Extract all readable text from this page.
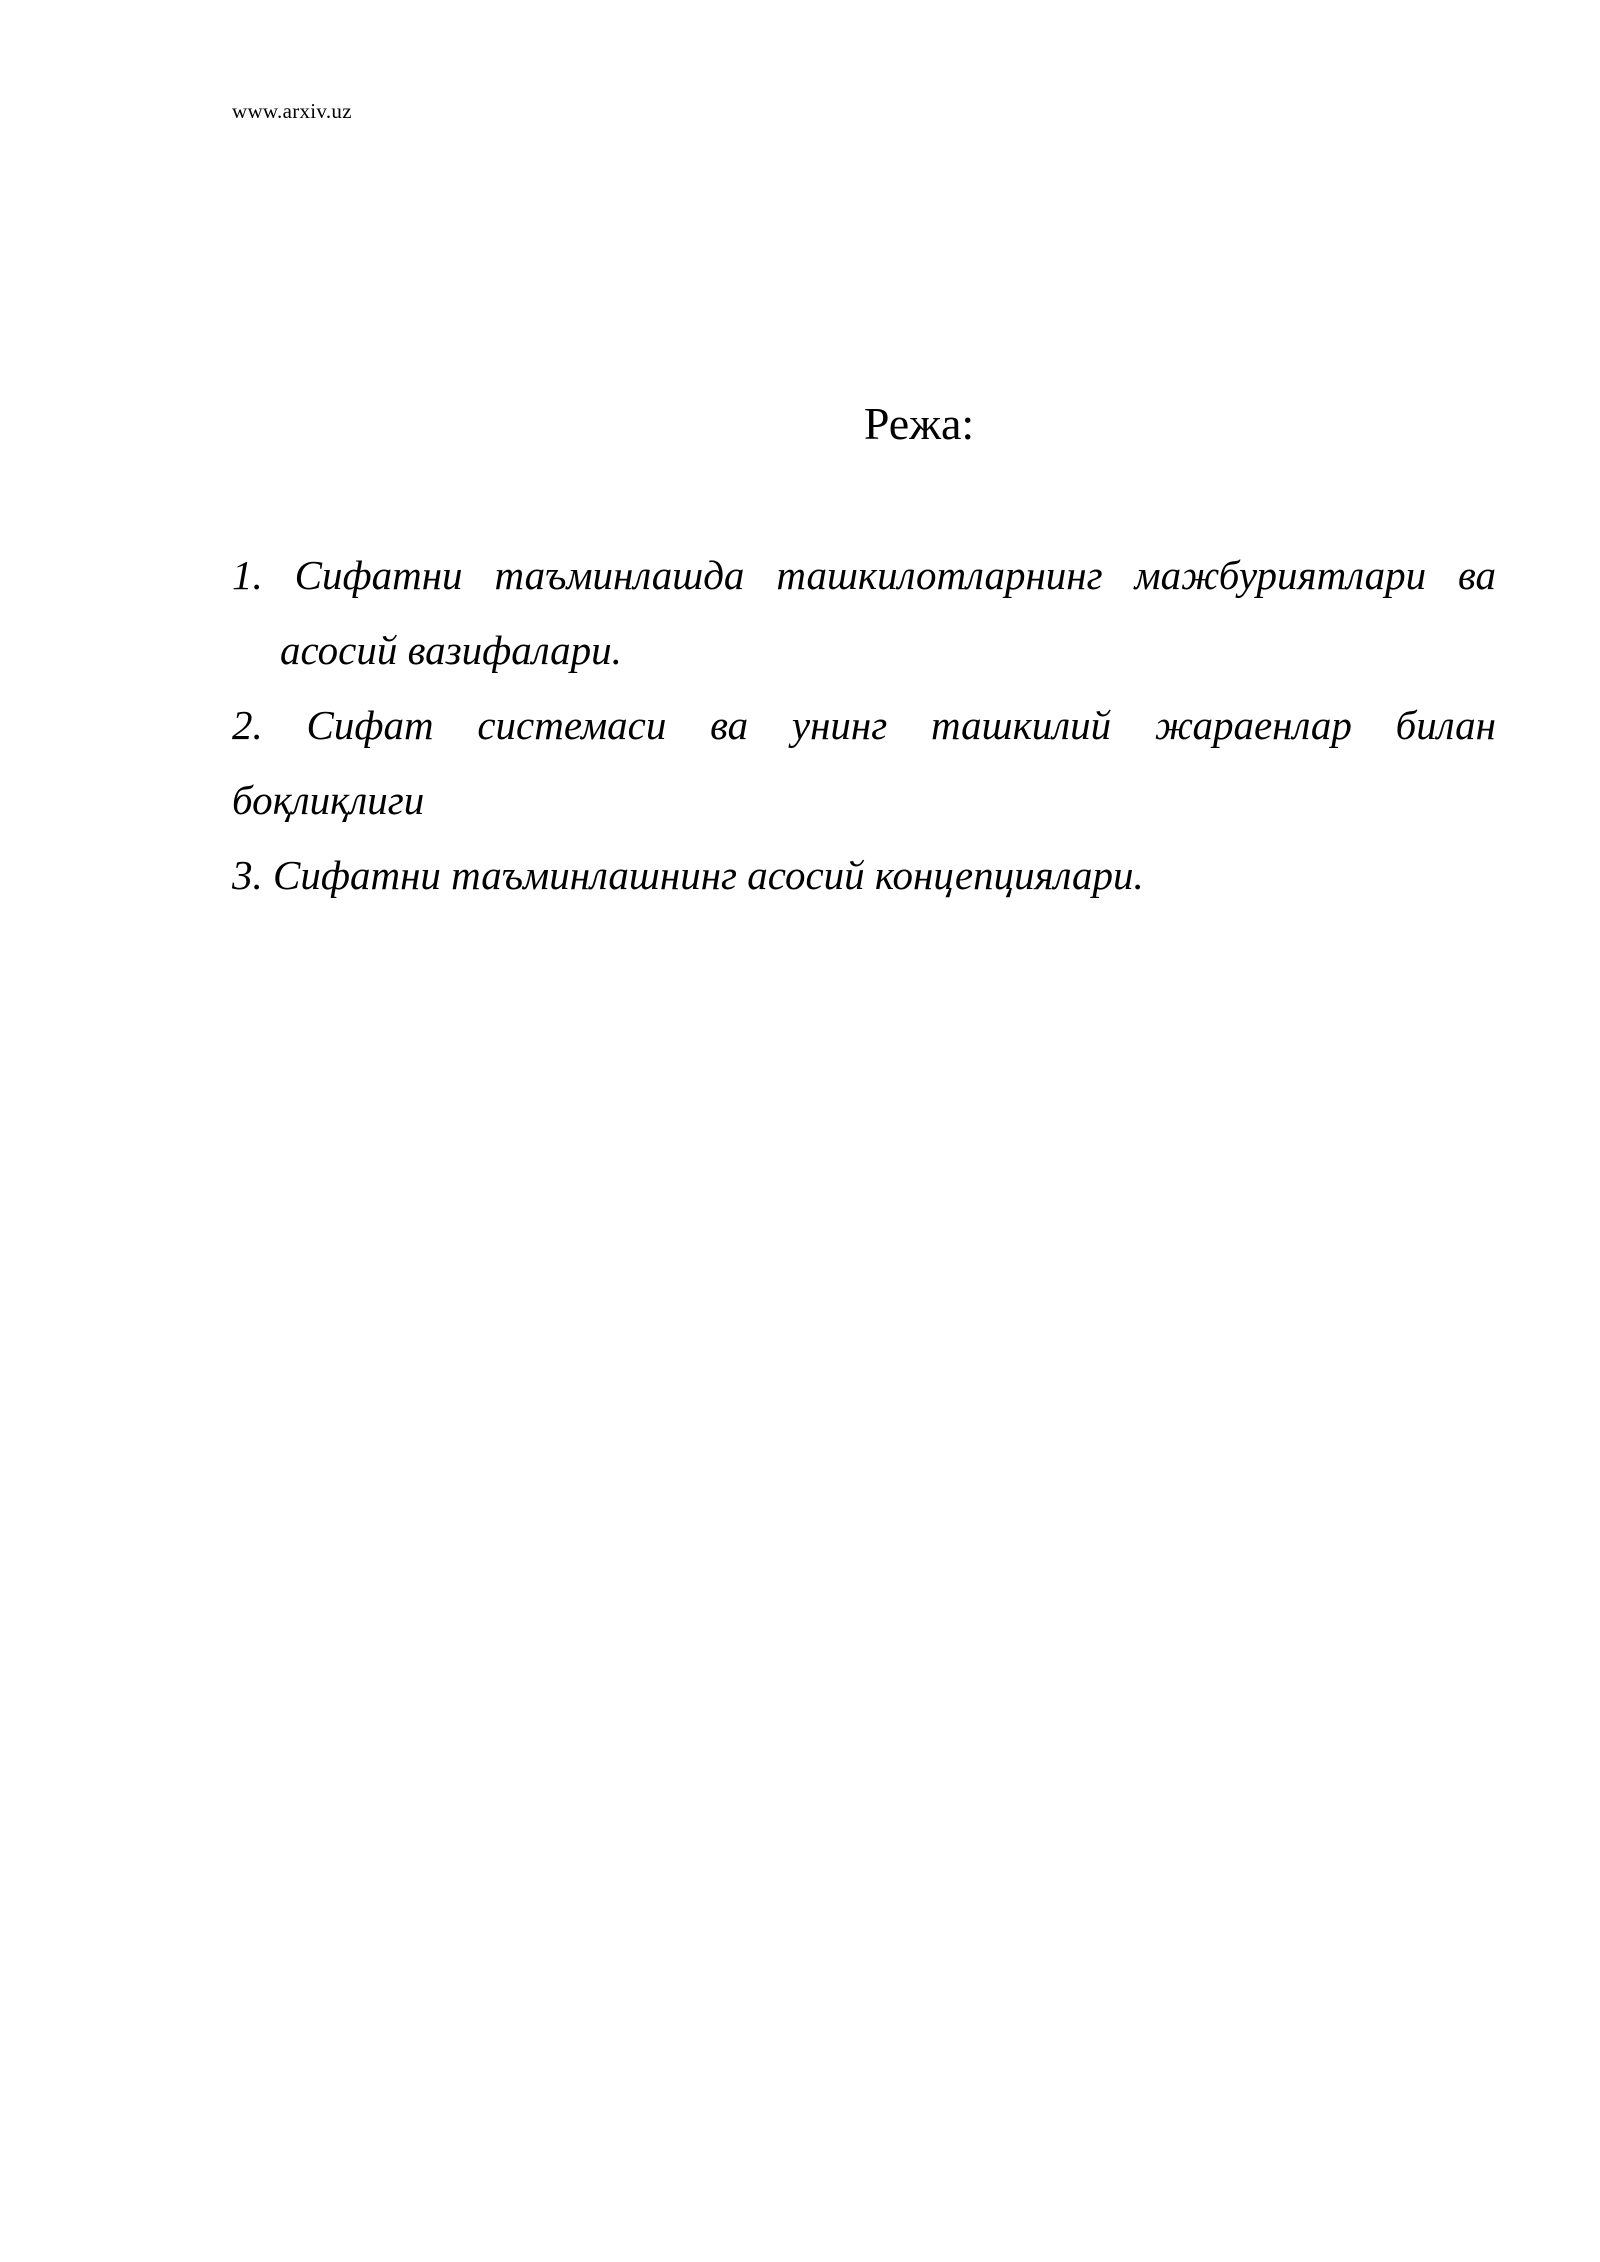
www.arxiv.uz
Режа:
1. Сифатни таъминлашда ташкилотларнинг мажбуриятлари ва
асосий вазифалари.
2. Сифат системаси ва унинг ташкилий жараенлар билан
боқлиқлиги
3. Сифатни таъминлашнинг асосий концепциялари.
